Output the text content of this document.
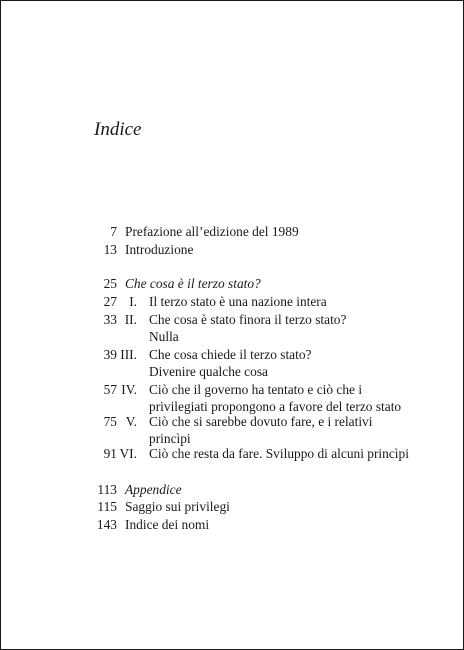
Indice
7 Prefazione all’edizione del 1989
13 Introduzione
25 Che cosa è il terzo stato?
27 I. Il terzo stato è una nazione intera
33 II. Che cosa è stato finora il terzo stato?
Nulla
39 III. Che cosa chiede il terzo stato?
Divenire qualche cosa
57 IV. Ciò che il governo ha tentato e ciò che i
privilegiati propongono a favore del terzo stato
75 V. Ciò che si sarebbe dovuto fare, e i relativi
princìpi
91 VI. Ciò che resta da fare. Sviluppo di alcuni princìpi
113 Appendice
115 Saggio sui privilegi
143 Indice dei nomi
